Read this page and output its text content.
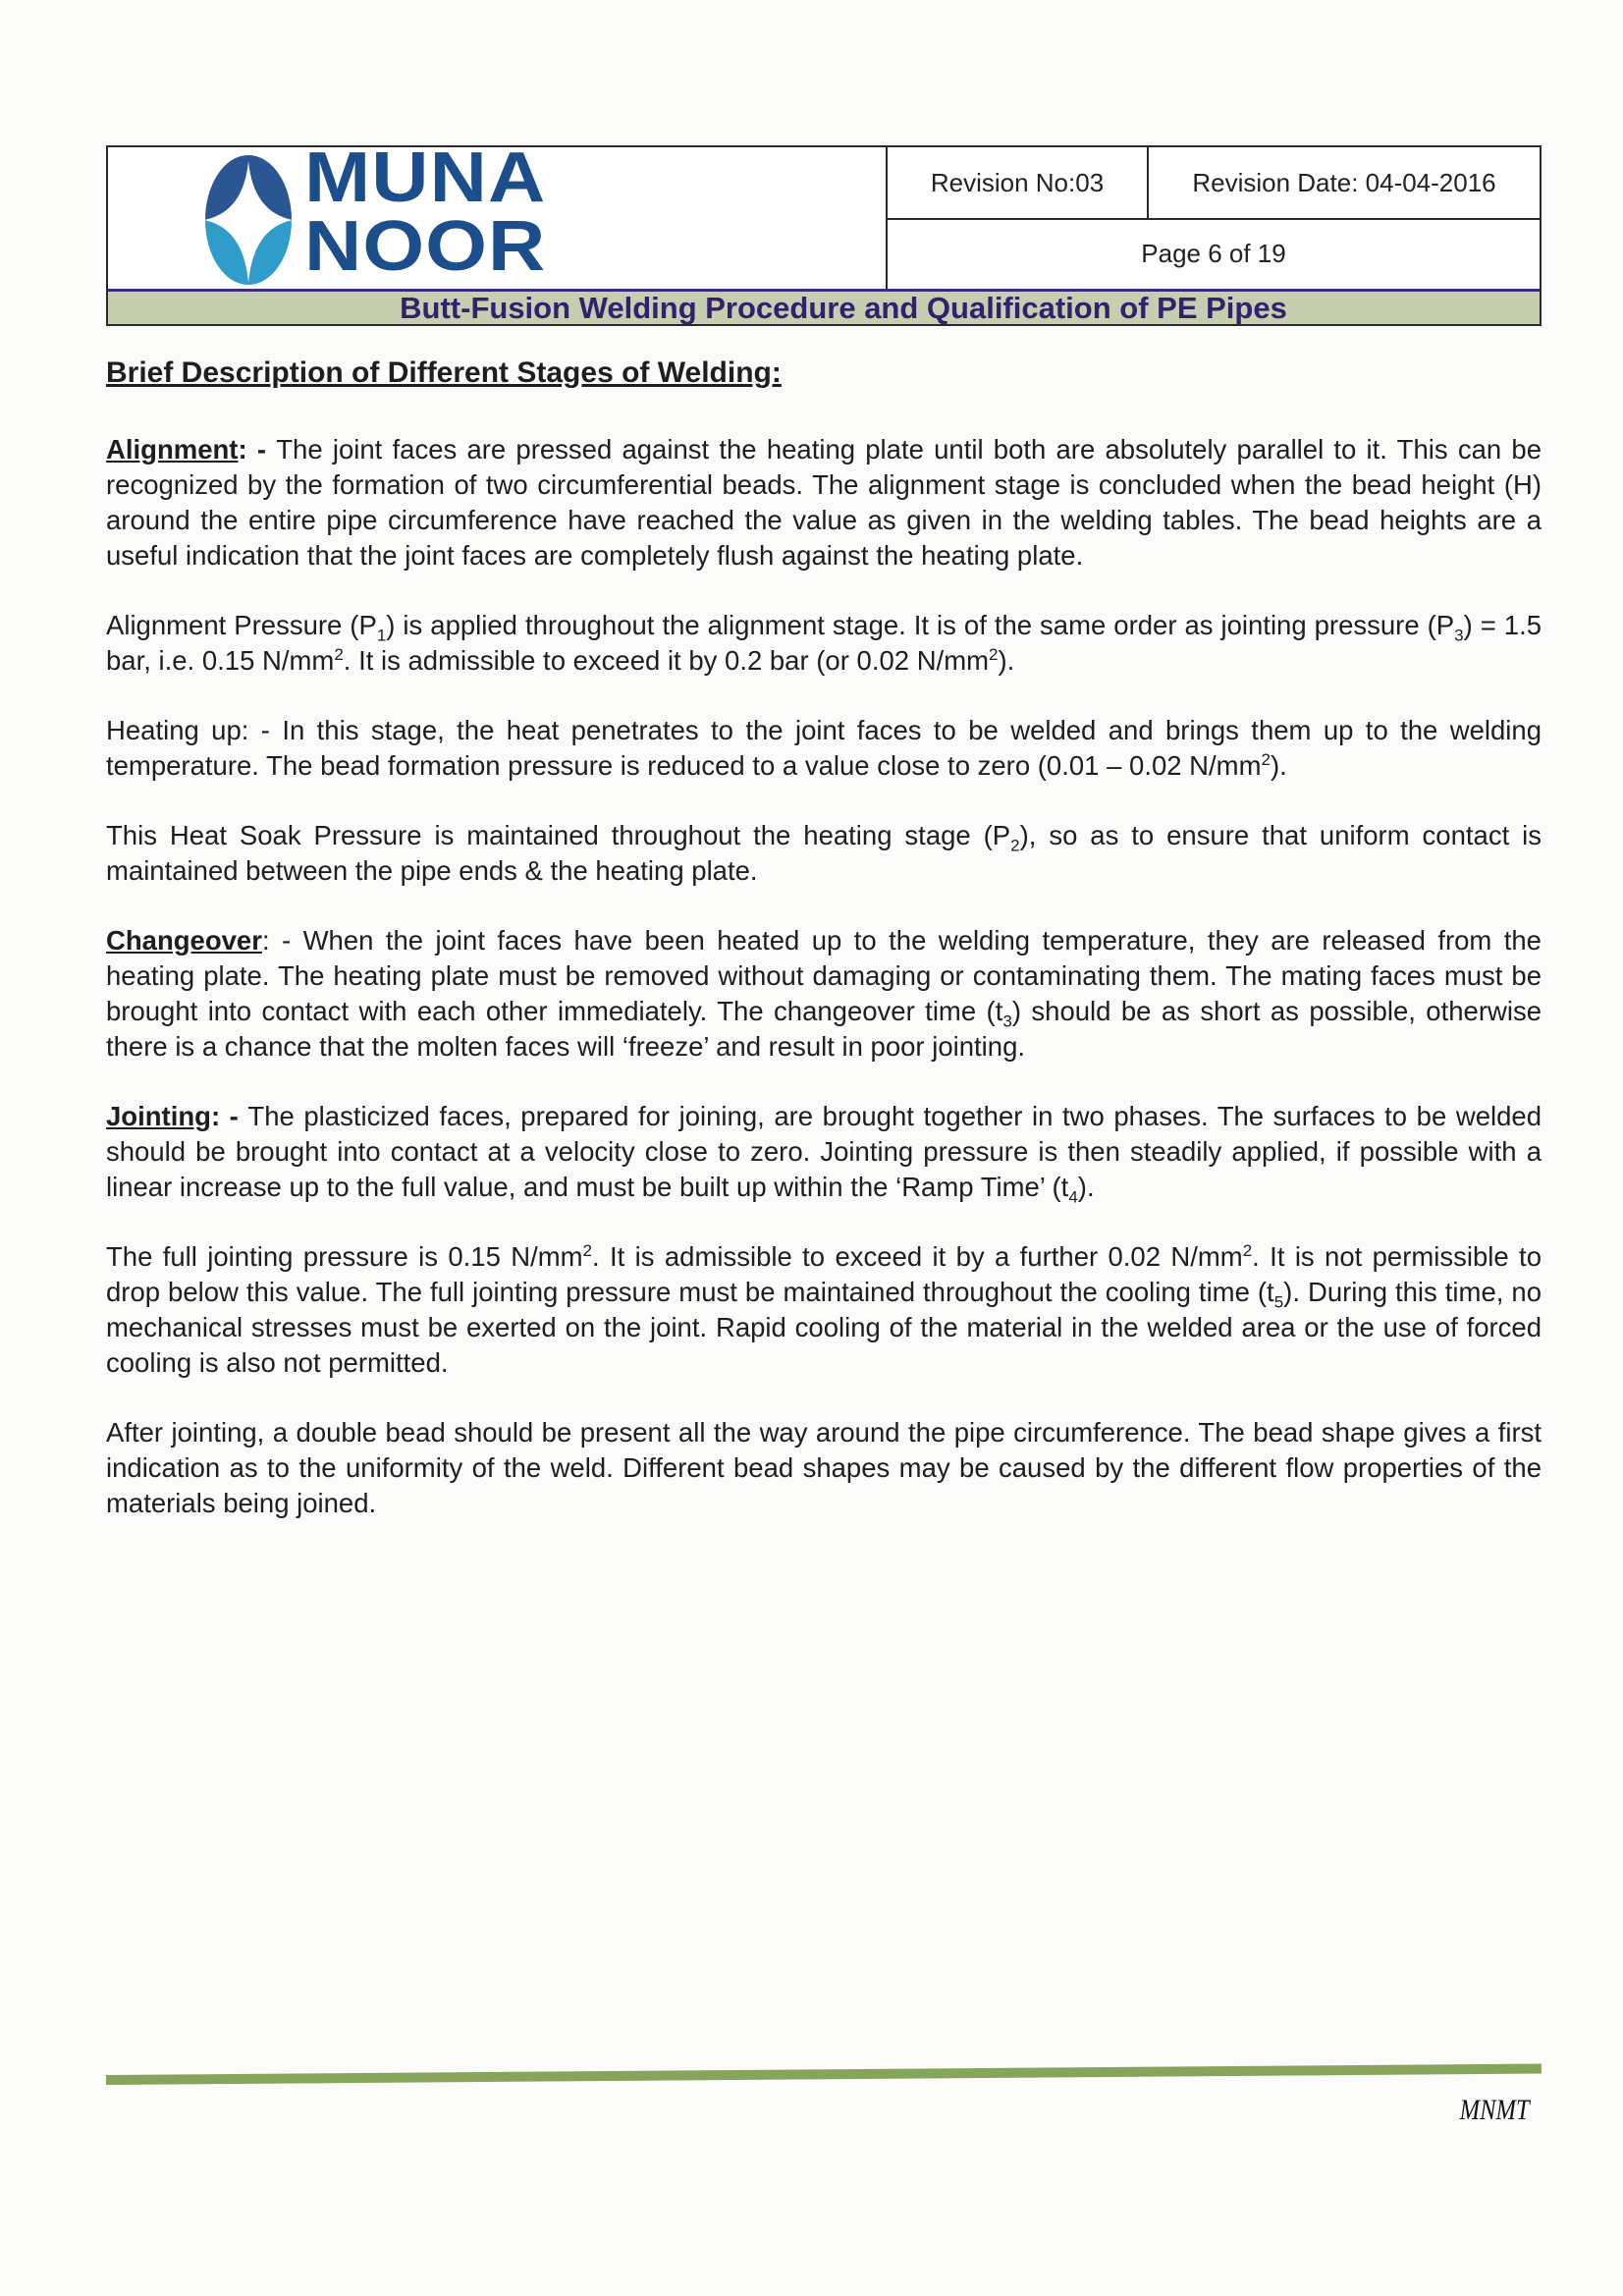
MUNA
NOOR
Revision No:03	Revision Date: 04-04-2016
Page 6 of 19
Butt-Fusion Welding Procedure and Qualification of PE Pipes
Brief Description of Different Stages of Welding:

Alignment: - The joint faces are pressed against the heating plate until both are absolutely parallel to it. This can be recognized by the formation of two circumferential beads. The alignment stage is concluded when the bead height (H) around the entire pipe circumference have reached the value as given in the welding tables. The bead heights are a useful indication that the joint faces are completely flush against the heating plate.

Alignment Pressure $(P_1)$ is applied throughout the alignment stage. It is of the same order as jointing pressure $(P_3) = 1.5$ bar, i.e. 0.15 $N/mm^2$. It is admissible to exceed it by 0.2 bar (or 0.02 $N/mm^2$).

Heating up: - In this stage, the heat penetrates to the joint faces to be welded and brings them up to the welding temperature. The bead formation pressure is reduced to a value close to zero (0.01 – 0.02 $N/mm^2$).

This Heat Soak Pressure is maintained throughout the heating stage $(P_2)$, so as to ensure that uniform contact is maintained between the pipe ends & the heating plate.

Changeover: - When the joint faces have been heated up to the welding temperature, they are released from the heating plate. The heating plate must be removed without damaging or contaminating them. The mating faces must be brought into contact with each other immediately. The changeover time $(t_3)$ should be as short as possible, otherwise there is a chance that the molten faces will ‘freeze’ and result in poor jointing.

Jointing: - The plasticized faces, prepared for joining, are brought together in two phases. The surfaces to be welded should be brought into contact at a velocity close to zero. Jointing pressure is then steadily applied, if possible with a linear increase up to the full value, and must be built up within the ‘Ramp Time’ $(t_4)$.

The full jointing pressure is 0.15 $N/mm^2$. It is admissible to exceed it by a further 0.02 $N/mm^2$. It is not permissible to drop below this value. The full jointing pressure must be maintained throughout the cooling time $(t_5)$. During this time, no mechanical stresses must be exerted on the joint. Rapid cooling of the material in the welded area or the use of forced cooling is also not permitted.

After jointing, a double bead should be present all the way around the pipe circumference. The bead shape gives a first indication as to the uniformity of the weld. Different bead shapes may be caused by the different flow properties of the materials being joined.

MNMT
